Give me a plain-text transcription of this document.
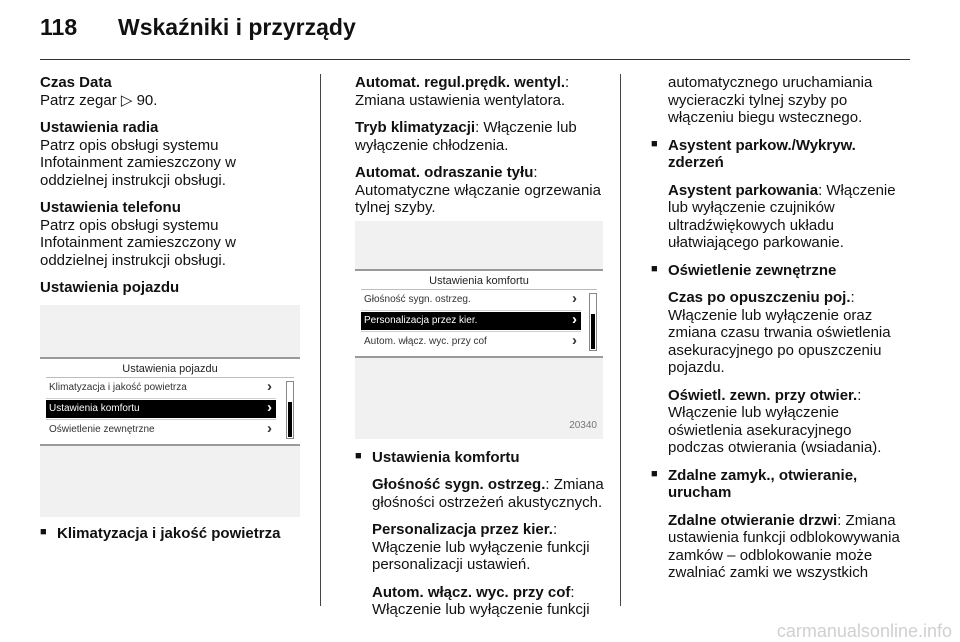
118	Wskaźniki i przyrządy

Czas Data

Patrz zegar ▷ 90.

Ustawienia radia

Patrz opis obsługi systemu Infotainment zamieszczony w oddzielnej instrukcji obsługi.

Ustawienia telefonu

Patrz opis obsługi systemu Infotainment zamieszczony w oddzielnej instrukcji obsługi.

Ustawienia pojazdu

Ustawienia pojazdu
Klimatyzacja i jakość powietrza	›
Ustawienia komfortu	›
Oświetlenie zewnętrzne	›
■ Klimatyzacja i jakość powietrza

Automat. regul.prędk. wentyl.:

Zmiana ustawienia wentylatora.

Tryb klimatyzacji: Włączenie lub

wyłączenie chłodzenia.

Automat. odraszanie tyłu:

Automatyczne włączanie ogrzewania tylnej szyby.

Ustawienia komfortu
Głośność sygn. ostrzeg.	›
Personalizacja przez kier.	›
Autom. włącz. wyc. przy cof	›
20340
■ Ustawienia komfortu

Głośność sygn. ostrzeg.: Zmiana

głośności ostrzeżeń akustycznych.

Personalizacja przez kier.:

Włączenie lub wyłączenie funkcji personalizacji ustawień.

Autom. włącz. wyc. przy cof:

Włączenie lub wyłączenie funkcji

automatycznego uruchamiania wycieraczki tylnej szyby po włączeniu biegu wstecznego.
■ Asystent parkow./Wykryw. zderzeń

Asystent parkowania: Włączenie

lub wyłączenie czujników ultradźwiękowych układu ułatwiającego parkowanie.

■ Oświetlenie zewnętrzne

Czas po opuszczeniu poj.:

Włączenie lub wyłączenie oraz zmiana czasu trwania oświetlenia asekuracyjnego po opuszczeniu pojazdu.

Oświetl. zewn. przy otwier.:

Włączenie lub wyłączenie oświetlenia asekuracyjnego podczas otwierania (wsiadania).

■ Zdalne zamyk., otwieranie, urucham

Zdalne otwieranie drzwi: Zmiana

ustawienia funkcji odblokowywania zamków – odblokowanie może zwalniać zamki we wszystkich

carmanualsonline.info
